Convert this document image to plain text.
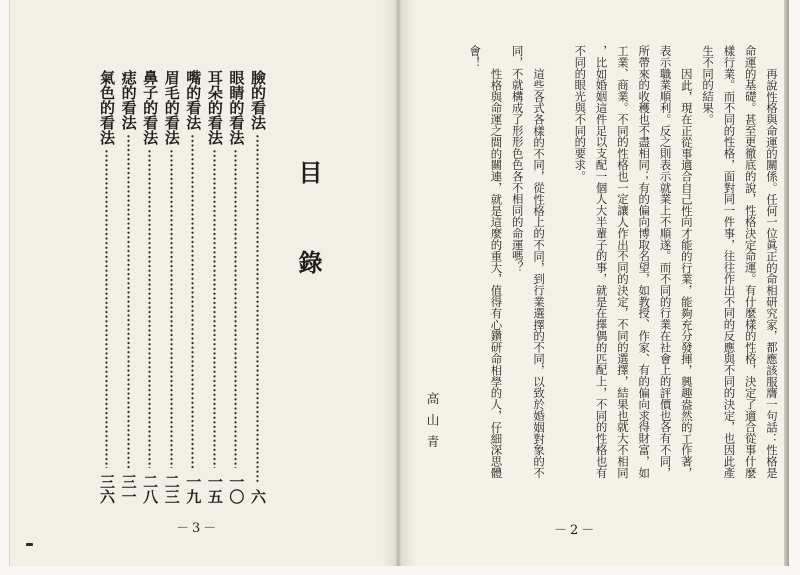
目錄
臉的看法
六
眼睛的看法
一〇
耳朵的看法
一五
嘴的看法
一九
眉毛的看法
二三
鼻子的看法
二八
痣的看法
三一
氣色的看法
三六
－3－
再說性格與命運的關係。任何一位眞正的命相研究家，都應該服膺一句話：性格是
命運的基礎。甚至更徹底的說，性格決定命運。有什麼樣的性格，決定了適合從事什麼
樣行業。而不同的性格，面對同一件事，往往作出不同的反應與不同的決定，也因此產
生不同的結果。
因此，現在正從事適合自己性向才能的行業，能夠充分發揮，興趣盎然的工作著，
表示職業順利。反之則表示就業上不順遂。而不同的行業在社會上的評價也各有不同，
所帶來的收穫也不盡相同；有的偏向博取名望，如教授、作家、有的偏向求得財富，如
工業、商業。不同的性格也一定讓人作出不同的決定，不同的選擇，結果也就大不相同
，比如婚姻這件足以支配一個人大半輩子的事，就是在擇偶的匹配上，不同的性格也有
不同的眼光與不同的要求。
這些各式各樣的不同，從性格上的不同，到行業選擇的不同，以致於婚姻對象的不
同，不就構成了形形色色各不相同的命運嗎？
性格與命運之間的關連，就是這麼的重大，值得有心鑽研命相學的人，仔細深思體
會！
高山青
－2－
